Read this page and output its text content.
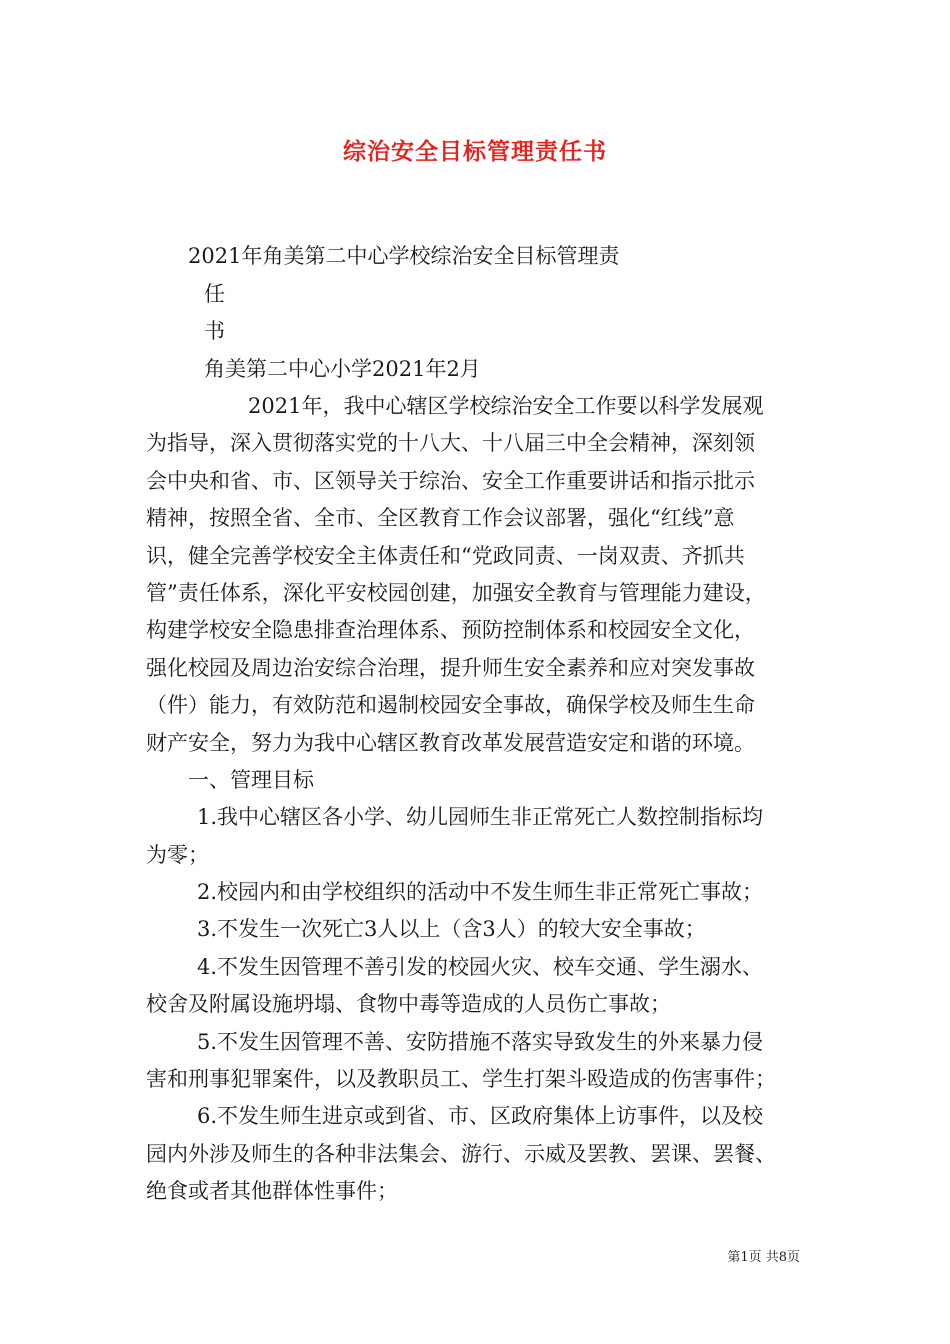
综治安全目标管理责任书
2021年角美第二中心学校综治安全目标管理责
任
书
角美第二中心小学2021年2月
2021年，我中心辖区学校综治安全工作要以科学发展观
为指导，深入贯彻落实党的十八大、十八届三中全会精神，深刻领
会中央和省、市、区领导关于综治、安全工作重要讲话和指示批示
精神，按照全省、全市、全区教育工作会议部署，强化“红线”意
识，健全完善学校安全主体责任和“党政同责、一岗双责、齐抓共
管”责任体系，深化平安校园创建，加强安全教育与管理能力建设，
构建学校安全隐患排查治理体系、预防控制体系和校园安全文化，
强化校园及周边治安综合治理，提升师生安全素养和应对突发事故
（件）能力，有效防范和遏制校园安全事故，确保学校及师生生命
财产安全，努力为我中心辖区教育改革发展营造安定和谐的环境。
一、管理目标
1.我中心辖区各小学、幼儿园师生非正常死亡人数控制指标均
为零；
2.校园内和由学校组织的活动中不发生师生非正常死亡事故；
3.不发生一次死亡3人以上（含3人）的较大安全事故；
4.不发生因管理不善引发的校园火灾、校车交通、学生溺水、
校舍及附属设施坍塌、食物中毒等造成的人员伤亡事故；
5.不发生因管理不善、安防措施不落实导致发生的外来暴力侵
害和刑事犯罪案件，以及教职员工、学生打架斗殴造成的伤害事件；
6.不发生师生进京或到省、市、区政府集体上访事件，以及校
园内外涉及师生的各种非法集会、游行、示威及罢教、罢课、罢餐、
绝食或者其他群体性事件；
第1页 共8页
